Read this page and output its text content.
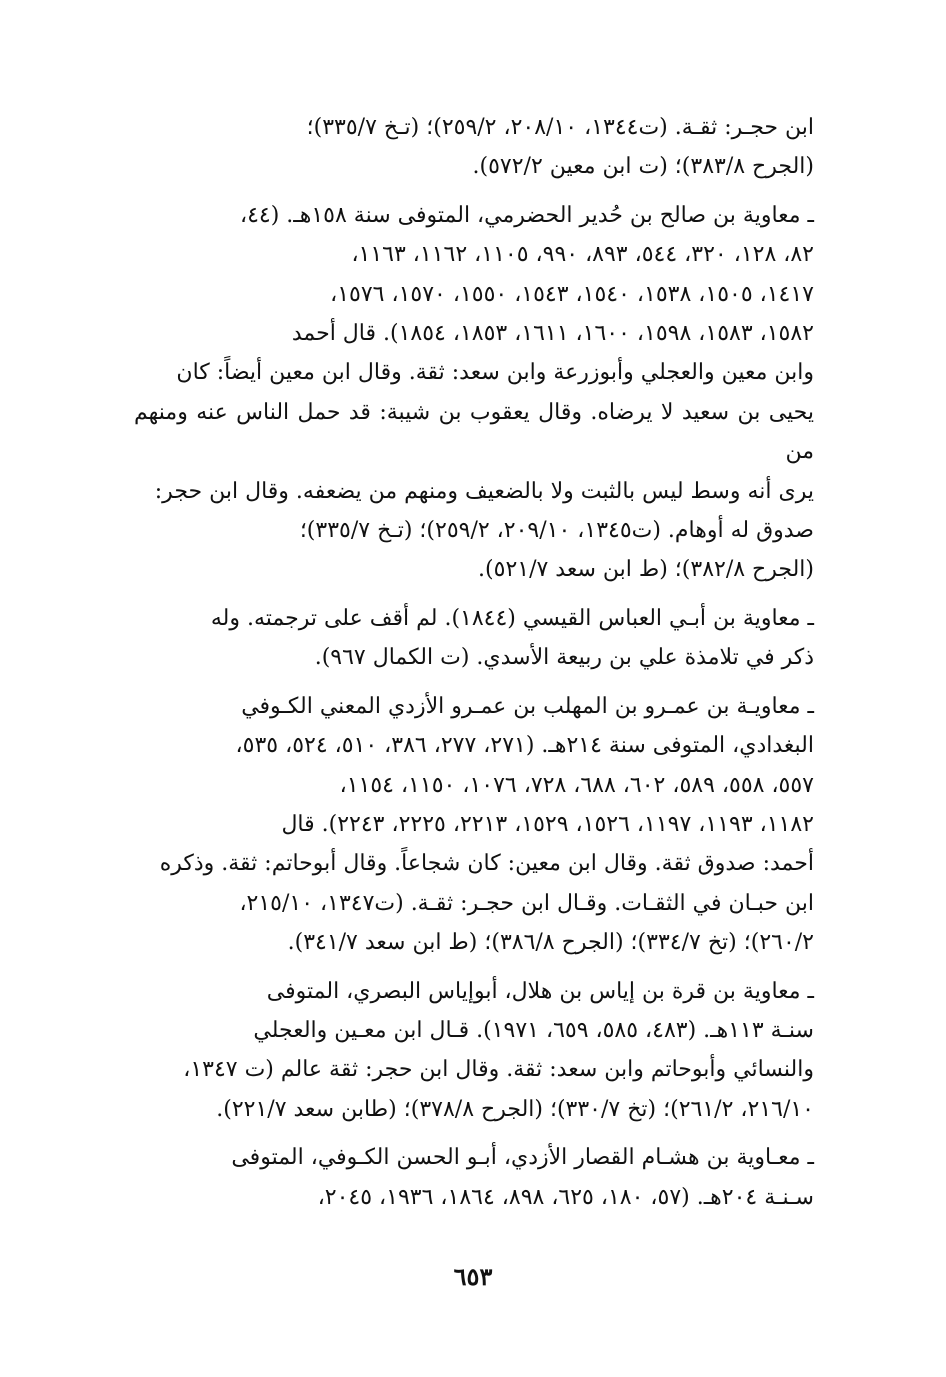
ابن حجـر: ثقـة. (ت١٣٤٤، ٢٠٨/١٠، ٢٥٩/٢)؛ (تـخ ٣٣٥/٧)؛
(الجرح ٣٨٣/٨)؛ (ت ابن معين ٥٧٢/٢).

ـ معاوية بن صالح بن حُدير الحضرمي، المتوفى سنة ١٥٨هـ. (٤٤،
٨٢، ١٢٨، ٣٢٠، ٥٤٤، ٨٩٣، ٩٩٠، ١١٠٥، ١١٦٢، ١١٦٣،
١٤١٧، ١٥٠٥، ١٥٣٨، ١٥٤٠، ١٥٤٣، ١٥٥٠، ١٥٧٠، ١٥٧٦،
١٥٨٢، ١٥٨٣، ١٥٩٨، ١٦٠٠، ١٦١١، ١٨٥٣، ١٨٥٤). قال أحمد
وابن معين والعجلي وأبوزرعة وابن سعد: ثقة. وقال ابن معين أيضاً: كان
يحيى بن سعيد لا يرضاه. وقال يعقوب بن شيبة: قد حمل الناس عنه ومنهم من
يرى أنه وسط ليس بالثبت ولا بالضعيف ومنهم من يضعفه. وقال ابن حجر:
صدوق له أوهام. (ت١٣٤٥، ٢٠٩/١٠، ٢٥٩/٢)؛ (تـخ ٣٣٥/٧)؛
(الجرح ٣٨٢/٨)؛ (ط ابن سعد ٥٢١/٧).

ـ معاوية بن أبـي العباس القيسي (١٨٤٤). لم أقف على ترجمته. وله
ذكر في تلامذة علي بن ربيعة الأسدي. (ت الكمال ٩٦٧).

ـ معاويـة بن عمـرو بن المهلب بن عمـرو الأزدي المعني الكـوفي
البغدادي، المتوفى سنة ٢١٤هـ. (٢٧١، ٢٧٧، ٣٨٦، ٥١٠، ٥٢٤، ٥٣٥،
٥٥٧، ٥٥٨، ٥٨٩، ٦٠٢، ٦٨٨، ٧٢٨، ١٠٧٦، ١١٥٠، ١١٥٤،
١١٨٢، ١١٩٣، ١١٩٧، ١٥٢٦، ١٥٢٩، ٢٢١٣، ٢٢٢٥، ٢٢٤٣). قال
أحمد: صدوق ثقة. وقال ابن معين: كان شجاعاً. وقال أبوحاتم: ثقة. وذكره
ابن حبـان في الثقـات. وقـال ابن حجـر: ثقـة. (ت١٣٤٧، ٢١٥/١٠،
٢٦٠/٢)؛ (تخ ٣٣٤/٧)؛ (الجرح ٣٨٦/٨)؛ (ط ابن سعد ٣٤١/٧).

ـ معاوية بن قرة بن إياس بن هلال، أبوإياس البصري، المتوفى
سنـة ١١٣هـ. (٤٨٣، ٥٨٥، ٦٥٩، ١٩٧١). قـال ابن معـين والعجلي
والنسائي وأبوحاتم وابن سعد: ثقة. وقال ابن حجر: ثقة عالم (ت ١٣٤٧،
٢١٦/١٠، ٢٦١/٢)؛ (تخ ٣٣٠/٧)؛ (الجرح ٣٧٨/٨)؛ (طابن سعد ٢٢١/٧).

ـ معـاوية بن هشـام القصار الأزدي، أبـو الحسن الكـوفي، المتوفى
سـنـة ٢٠٤هـ. (٥٧، ١٨٠، ٦٢٥، ٨٩٨، ١٨٦٤، ١٩٣٦، ٢٠٤٥،

٦٥٣
